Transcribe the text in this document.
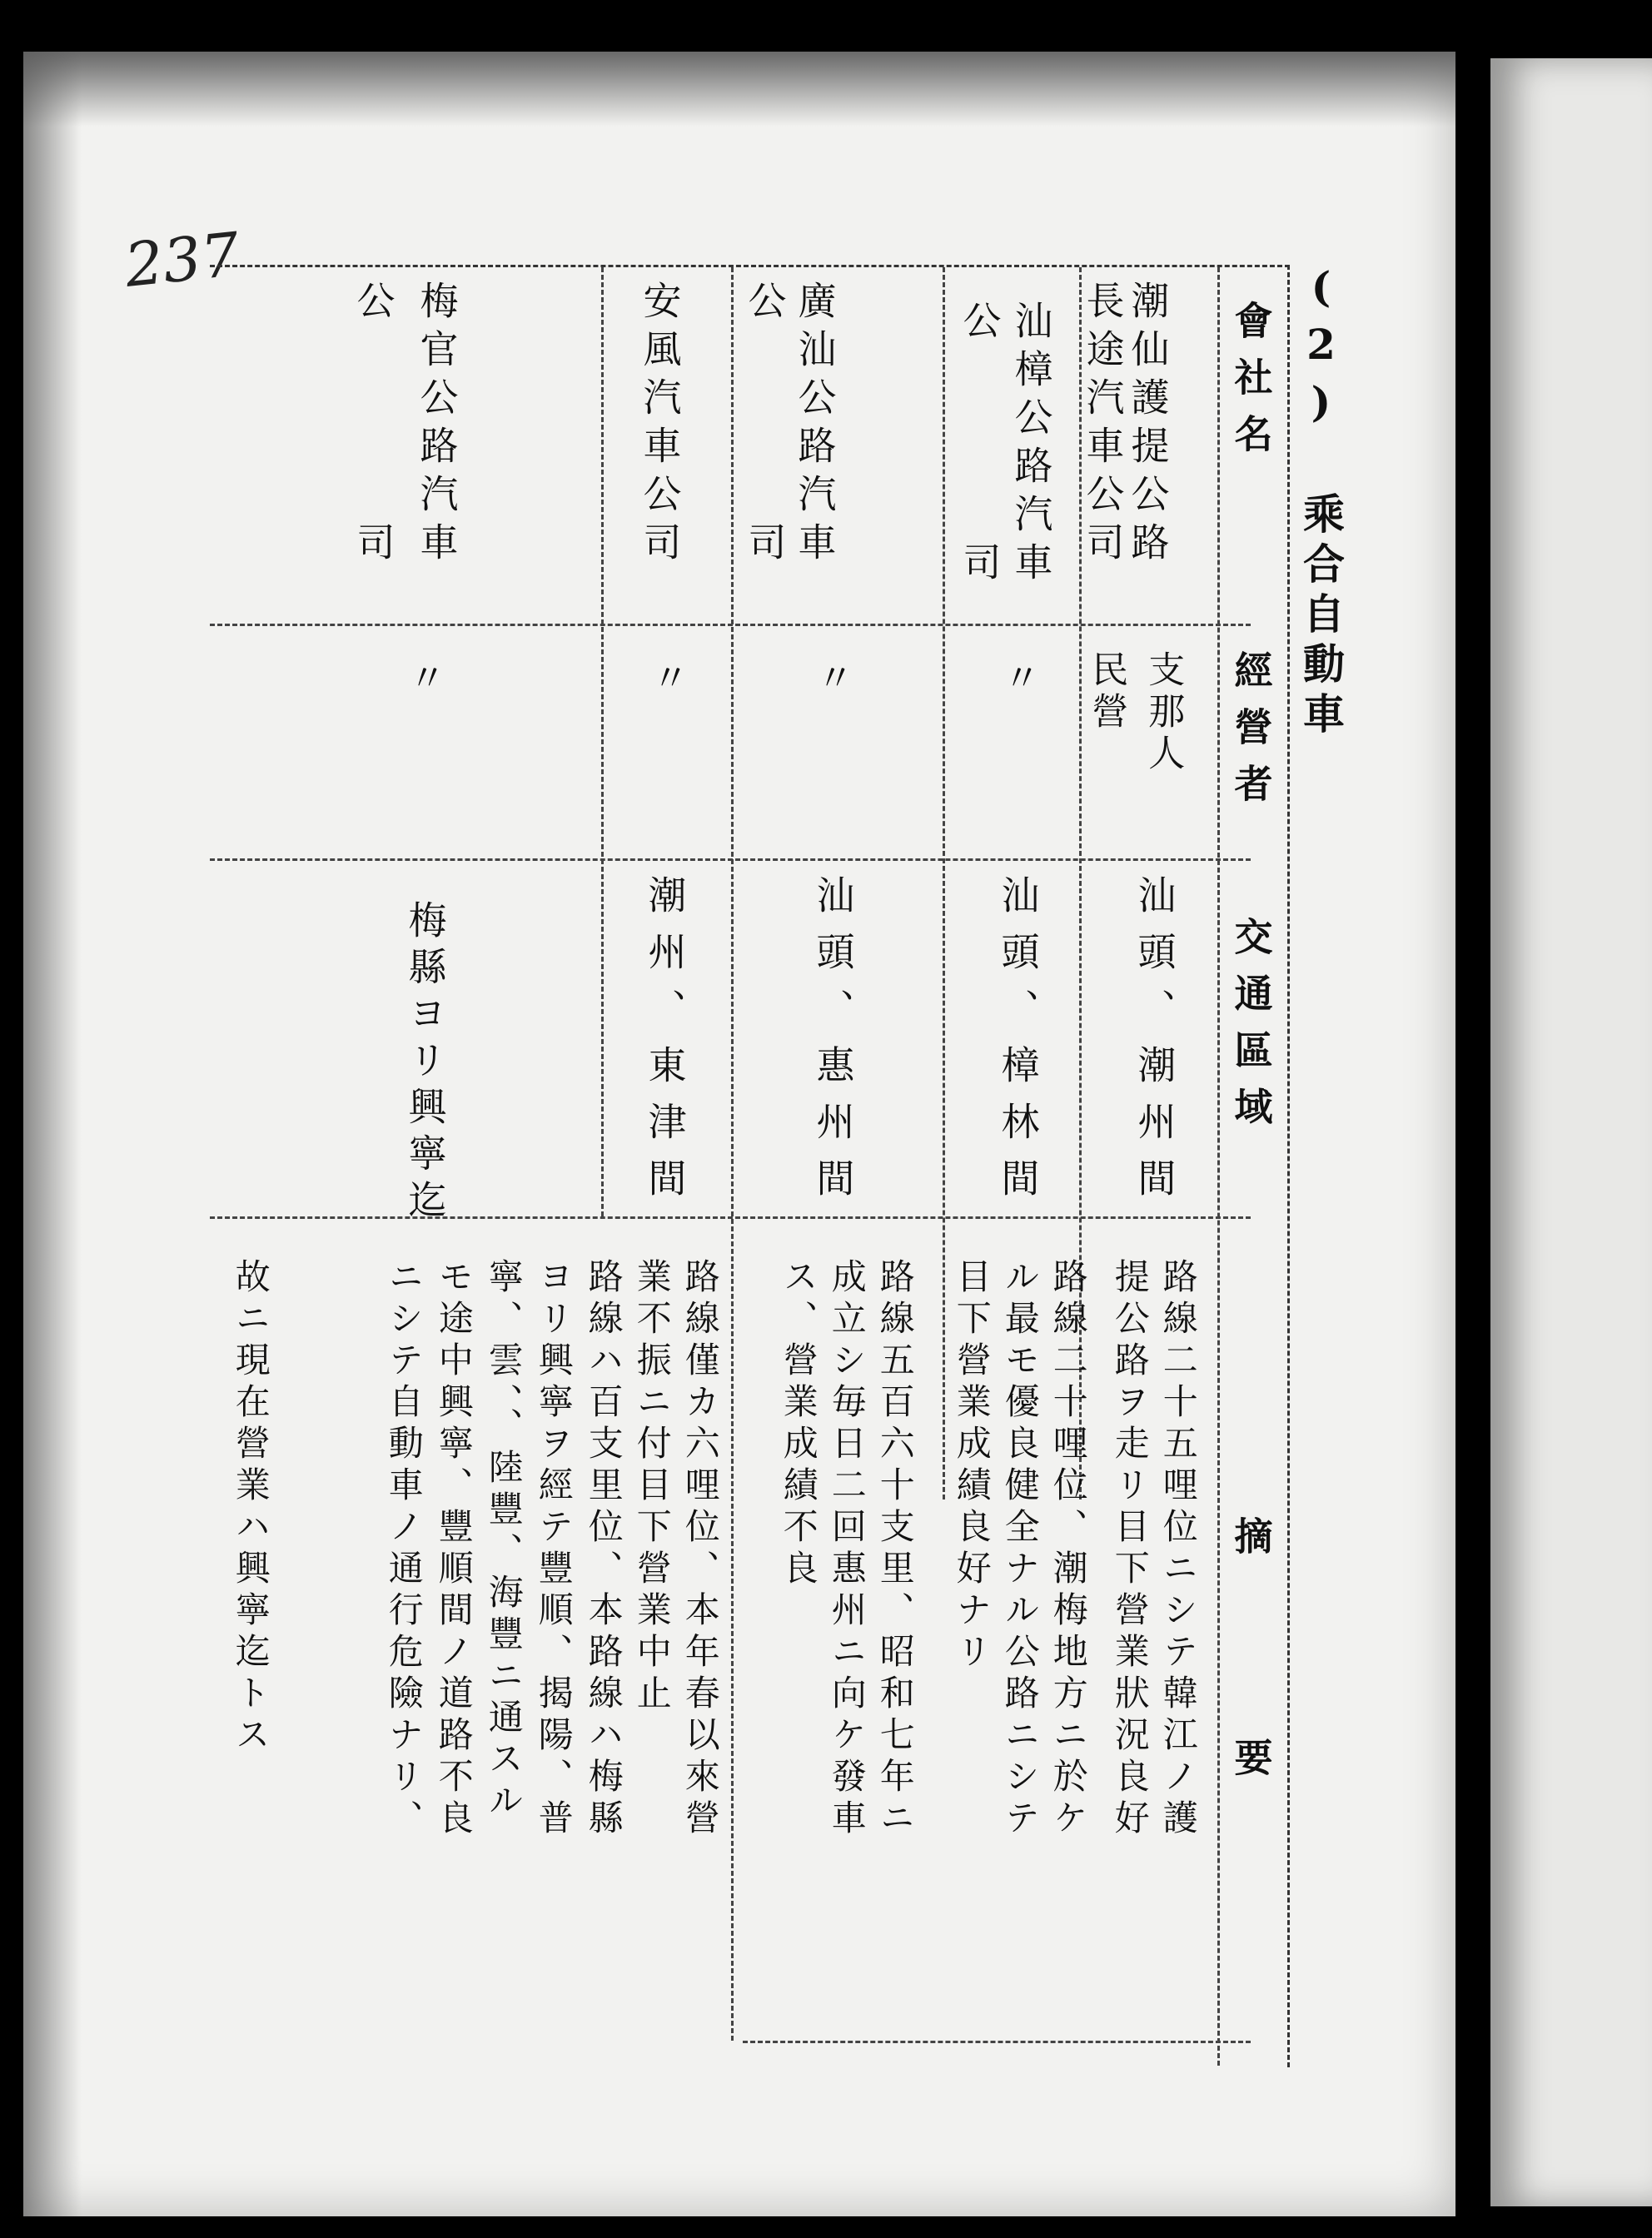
237
(2) 乘合自動車
會社名
經營者
交通區域
摘要
潮仙護提公路
長途汽車公司
支那人
民營
汕頭、潮州間
路線二十五哩位ニシテ韓江ノ護
提公路ヲ走リ目下營業狀況良好
汕樟公路汽車
公　　　　司
〃
汕頭、樟林間
路線二十哩位、潮梅地方ニ於ケ
ル最モ優良健全ナル公路ニシテ
目下營業成績良好ナリ
廣汕公路汽車
公　　　　司
〃
汕頭、惠州間
路線五百六十支里、昭和七年ニ
成立シ毎日二回惠州ニ向ケ發車
ス、營業成績不良
安風汽車公司
〃
潮州、東津間
路線僅カ六哩位、本年春以來營
業不振ニ付目下營業中止
梅官公路汽車
公　　　　司
〃
梅縣ヨリ興寧迄
路線ハ百支里位、本路線ハ梅縣
ヨリ興寧ヲ經テ豐順、揭陽、普
寧、雲、、陸豐、海豐ニ通スル
モ途中興寧、豐順間ノ道路不良
ニシテ自動車ノ通行危險ナリ、
故ニ現在營業ハ興寧迄トス
